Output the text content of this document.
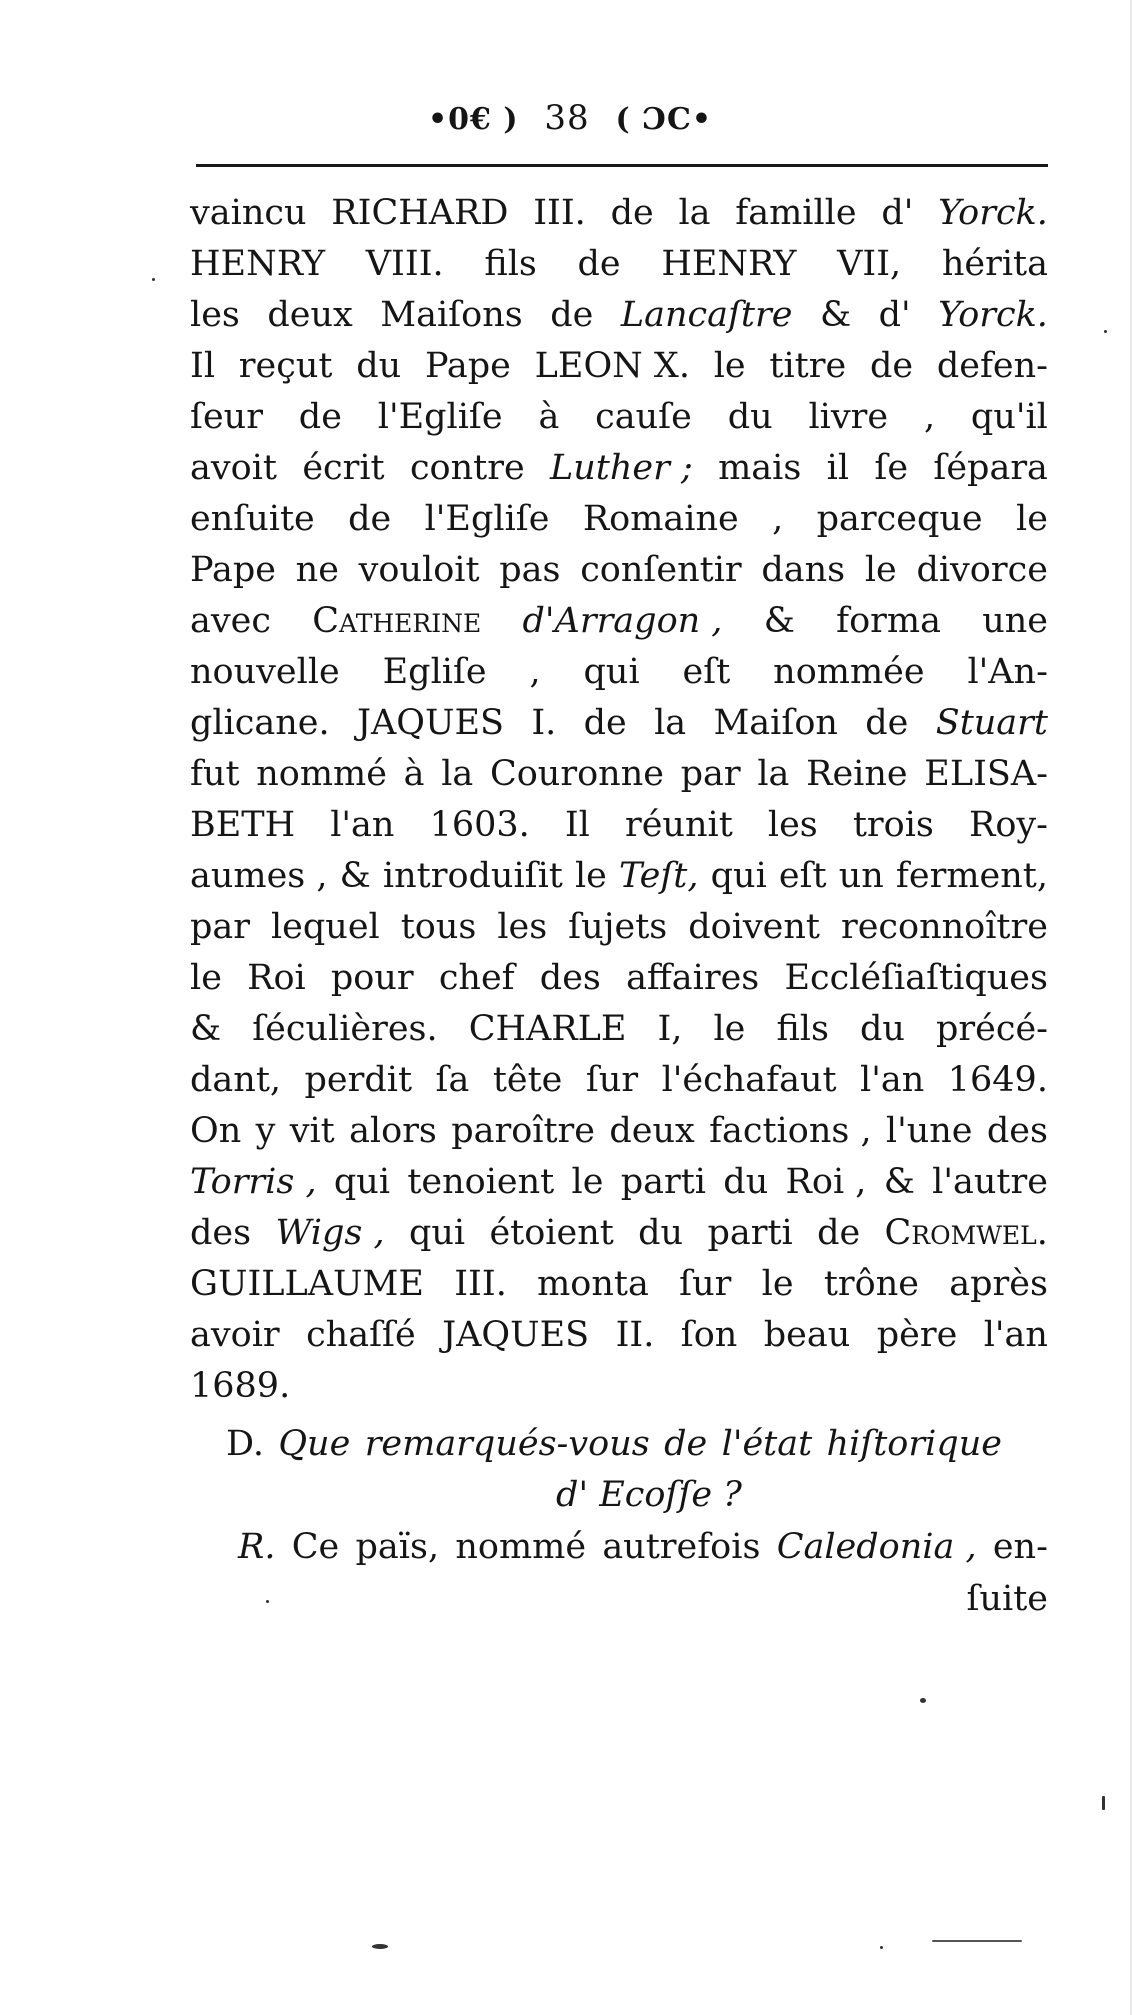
•0€ ) 38 ( ƆC•
vaincu RICHARD III. de la famille d' Yorck.
HENRY VIII. fils de HENRY VII, hérita
les deux Maiſons de Lancaſtre & d' Yorck.
Il reçut du Pape LEON X. le titre de defen-
ſeur de l'Egliſe à cauſe du livre , qu'il
avoit écrit contre Luther ; mais il ſe ſépara
enſuite de l'Egliſe Romaine , parceque le
Pape ne vouloit pas conſentir dans le divorce
avec Catherine d'Arragon , & forma une
nouvelle Egliſe , qui eſt nommée l'An-
glicane. JAQUES I. de la Maiſon de Stuart
fut nommé à la Couronne par la Reine ELISA-
BETH l'an 1603. Il réunit les trois Roy-
aumes , & introduiſit le Teſt, qui eſt un ferment,
par lequel tous les ſujets doivent reconnoître
le Roi pour chef des affaires Eccléſiaſtiques
& ſéculières. CHARLE I, le fils du précé-
dant, perdit ſa tête ſur l'échafaut l'an 1649.
On y vit alors paroître deux factions , l'une des
Torris , qui tenoient le parti du Roi , & l'autre
des Wigs , qui étoient du parti de Cromwel.
GUILLAUME III. monta ſur le trône après
avoir chaſſé JAQUES II. ſon beau père l'an
1689.
D. Que remarqués-vous de l'état hiſtorique
d' Ecoſſe ?
R. Ce païs, nommé autrefois Caledonia , en-
ſuite
